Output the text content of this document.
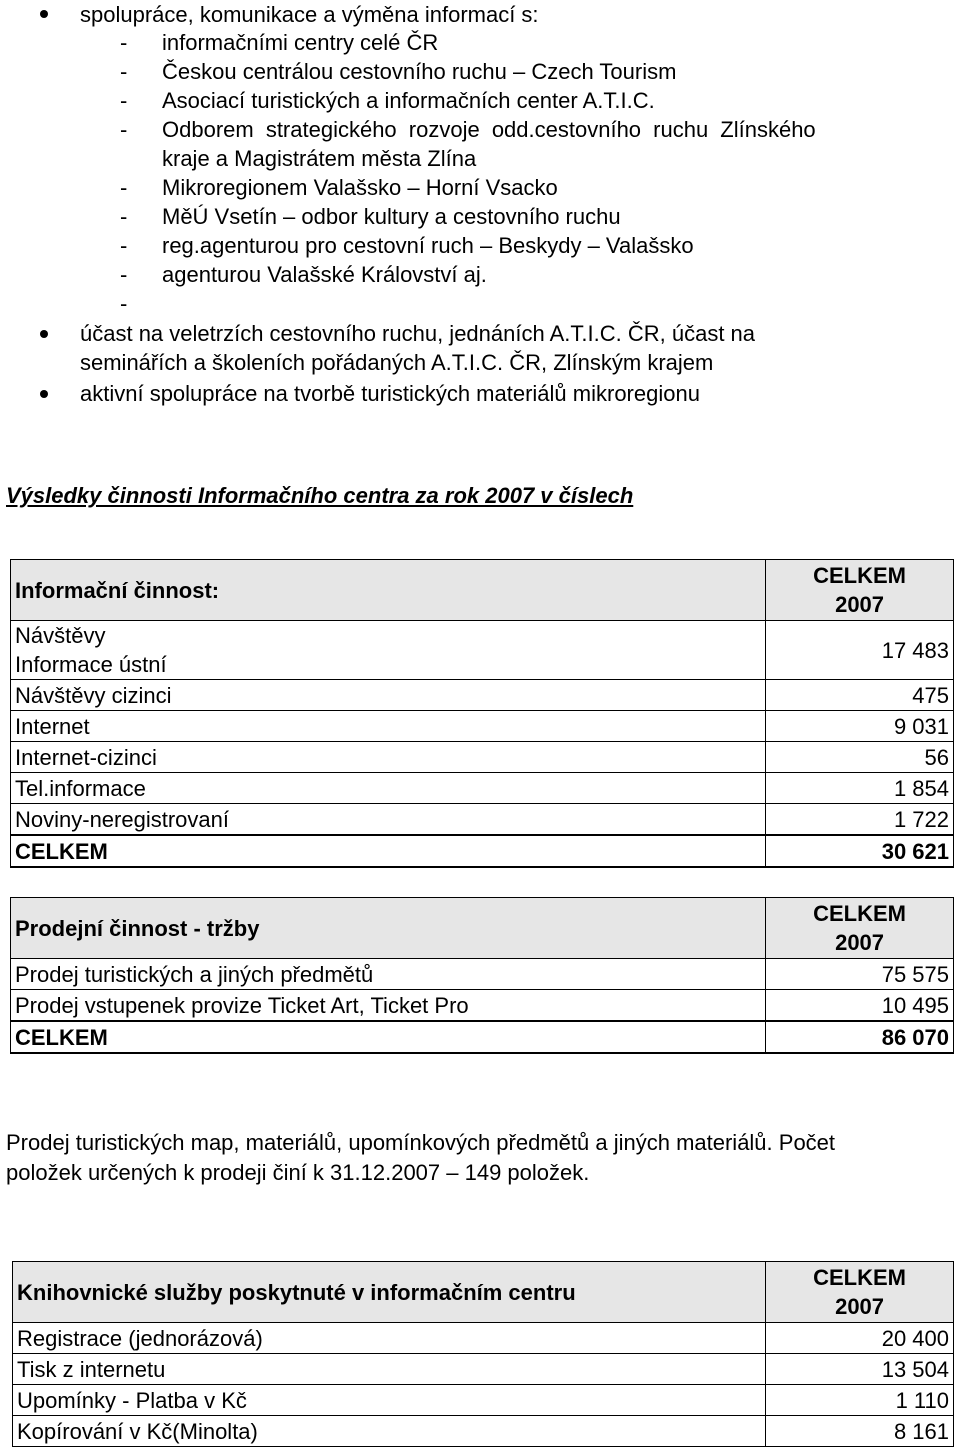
spolupráce, komunikace a výměna informací s:
- informačními centry celé ČR
- Českou centrálou cestovního ruchu – Czech Tourism
- Asociací turistických a informačních center A.T.I.C.
- Odborem strategického rozvoje odd.cestovního ruchu Zlínského
kraje a Magistrátem města Zlína
- Mikroregionem Valašsko – Horní Vsacko
- MěÚ Vsetín – odbor kultury a cestovního ruchu
- reg.agenturou pro cestovní ruch – Beskydy – Valašsko
- agenturou Valašské Království aj.
-
účast na veletrzích cestovního ruchu, jednáních A.T.I.C. ČR, účast na
seminářích a školeních pořádaných A.T.I.C. ČR, Zlínským krajem
aktivní spolupráce na tvorbě turistických materiálů mikroregionu
Výsledky činnosti Informačního centra za rok 2007 v číslech
Informační činnost:	CELKEM
2007
Návštěvy
Informace ústní	17 483
Návštěvy cizinci	475
Internet	9 031
Internet-cizinci	56
Tel.informace	1 854
Noviny-neregistrovaní	1 722
CELKEM	30 621
Prodejní činnost - tržby	CELKEM
2007
Prodej turistických a jiných předmětů	75 575
Prodej vstupenek provize Ticket Art, Ticket Pro	10 495
CELKEM	86 070
Prodej turistických map, materiálů, upomínkových předmětů a jiných materiálů. Počet
položek určených k prodeji činí k 31.12.2007 – 149 položek.
Knihovnické služby poskytnuté v informačním centru	CELKEM
2007
Registrace (jednorázová)	20 400
Tisk z internetu	13 504
Upomínky - Platba v Kč	1 110
Kopírování v Kč(Minolta)	8 161
